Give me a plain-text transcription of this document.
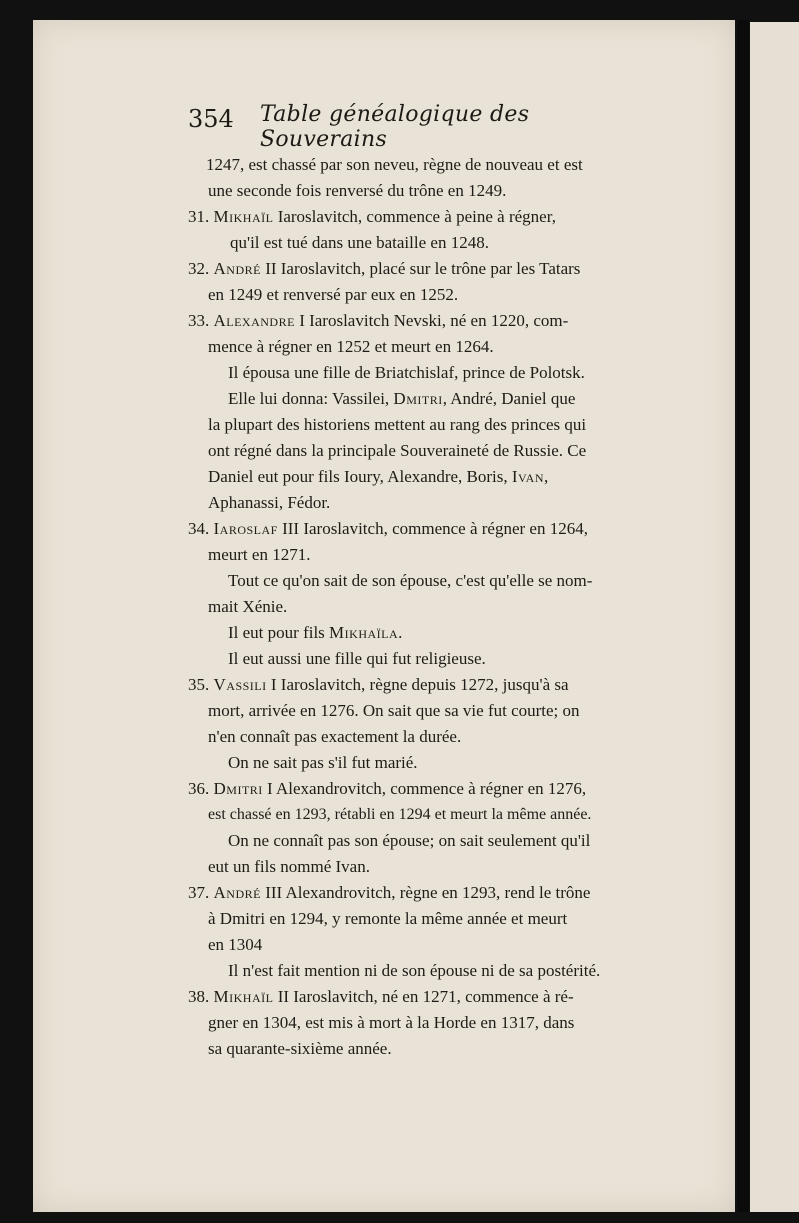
354 Table généalogique des Souverains
1247, est chassé par son neveu, règne de nouveau et est
une seconde fois renversé du trône en 1249.
31. Mikhaïl Iaroslavitch, commence à peine à régner,
qu'il est tué dans une bataille en 1248.
32. André II Iaroslavitch, placé sur le trône par les Tatars
en 1249 et renversé par eux en 1252.
33. Alexandre I Iaroslavitch Nevski, né en 1220, com-
mence à régner en 1252 et meurt en 1264.
Il épousa une fille de Briatchislaf, prince de Polotsk.
Elle lui donna: Vassilei, Dmitri, André, Daniel que
la plupart des historiens mettent au rang des princes qui
ont régné dans la principale Souveraineté de Russie. Ce
Daniel eut pour fils Ioury, Alexandre, Boris, Ivan,
Aphanassi, Fédor.
34. Iaroslaf III Iaroslavitch, commence à régner en 1264,
meurt en 1271.
Tout ce qu'on sait de son épouse, c'est qu'elle se nom-
mait Xénie.
Il eut pour fils Mikhaïla.
Il eut aussi une fille qui fut religieuse.
35. Vassili I Iaroslavitch, règne depuis 1272, jusqu'à sa
mort, arrivée en 1276. On sait que sa vie fut courte; on
n'en connaît pas exactement la durée.
On ne sait pas s'il fut marié.
36. Dmitri I Alexandrovitch, commence à régner en 1276,
est chassé en 1293, rétabli en 1294 et meurt la même année.
On ne connaît pas son épouse; on sait seulement qu'il
eut un fils nommé Ivan.
37. André III Alexandrovitch, règne en 1293, rend le trône
à Dmitri en 1294, y remonte la même année et meurt
en 1304
Il n'est fait mention ni de son épouse ni de sa postérité.
38. Mikhaïl II Iaroslavitch, né en 1271, commence à ré-
gner en 1304, est mis à mort à la Horde en 1317, dans
sa quarante-sixième année.
